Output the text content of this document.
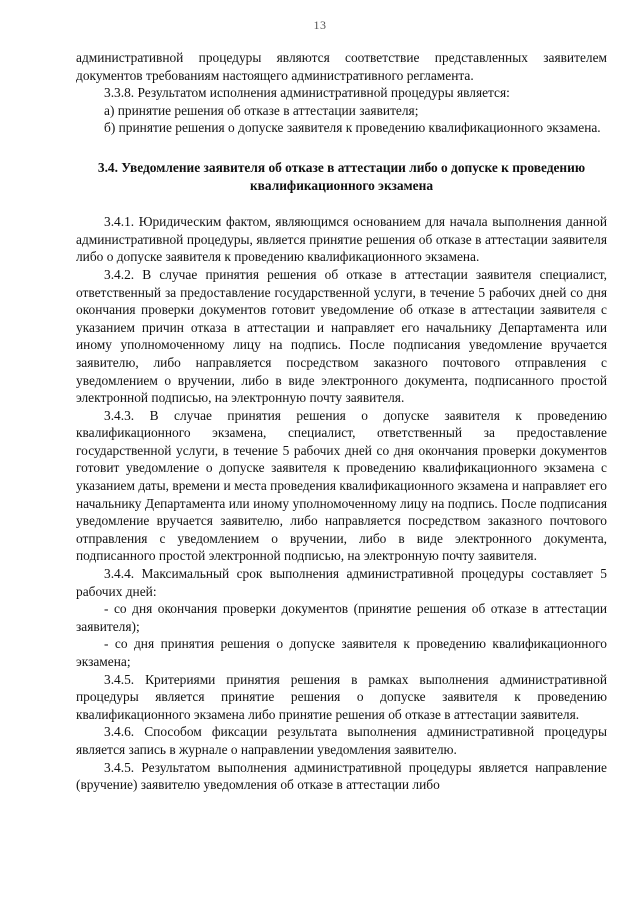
13

административной процедуры являются соответствие представленных заявителем документов требованиям настоящего административного регламента.

3.3.8. Результатом исполнения административной процедуры является:

а) принятие решения об отказе в аттестации заявителя;

б) принятие решения о допуске заявителя к проведению квалификационного экзамена.

3.4. Уведомление заявителя об отказе в аттестации либо о допуске к проведению квалификационного экзамена

3.4.1. Юридическим фактом, являющимся основанием для начала выполнения данной административной процедуры, является принятие решения об отказе в аттестации заявителя либо о допуске заявителя к проведению квалификационного экзамена.

3.4.2. В случае принятия решения об отказе в аттестации заявителя специалист, ответственный за предоставление государственной услуги, в течение 5 рабочих дней со дня окончания проверки документов готовит уведомление об отказе в аттестации заявителя с указанием причин отказа в аттестации и направляет его начальнику Департамента или иному уполномоченному лицу на подпись. После подписания уведомление вручается заявителю, либо направляется посредством заказного почтового отправления с уведомлением о вручении, либо в виде электронного документа, подписанного простой электронной подписью, на электронную почту заявителя.

3.4.3. В случае принятия решения о допуске заявителя к проведению квалификационного экзамена, специалист, ответственный за предоставление государственной услуги, в течение 5 рабочих дней со дня окончания проверки документов готовит уведомление о допуске заявителя к проведению квалификационного экзамена с указанием даты, времени и места проведения квалификационного экзамена и направляет его начальнику Департамента или иному уполномоченному лицу на подпись. После подписания уведомление вручается заявителю, либо направляется посредством заказного почтового отправления с уведомлением о вручении, либо в виде электронного документа, подписанного простой электронной подписью, на электронную почту заявителя.

3.4.4. Максимальный срок выполнения административной процедуры составляет 5 рабочих дней:

- со дня окончания проверки документов (принятие решения об отказе в аттестации заявителя);

- со дня принятия решения о допуске заявителя к проведению квалификационного экзамена;

3.4.5. Критериями принятия решения в рамках выполнения административной процедуры является принятие решения о допуске заявителя к проведению квалификационного экзамена либо принятие решения об отказе в аттестации заявителя.

3.4.6. Способом фиксации результата выполнения административной процедуры является запись в журнале о направлении уведомления заявителю.

3.4.5. Результатом выполнения административной процедуры является направление (вручение) заявителю уведомления об отказе в аттестации либо
